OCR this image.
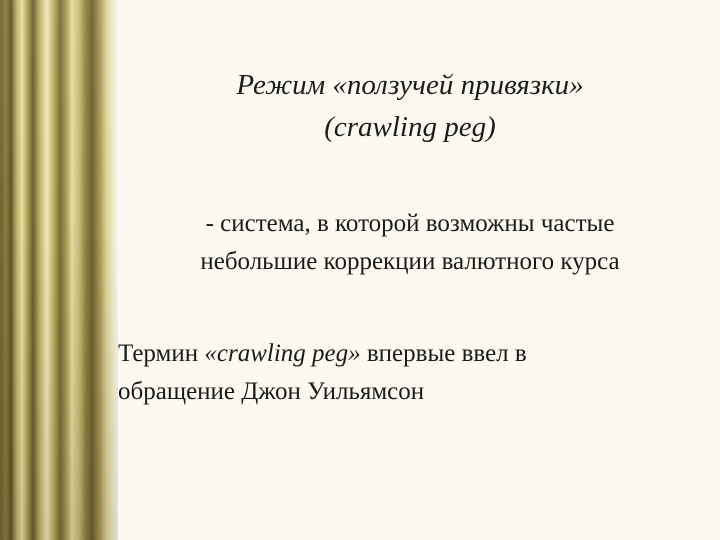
Режим «ползучей привязки»
(crawling peg)
- система, в которой возможны частые
небольшие коррекции валютного курса
Термин «crawling peg» впервые ввел в
обращение Джон Уильямсон
